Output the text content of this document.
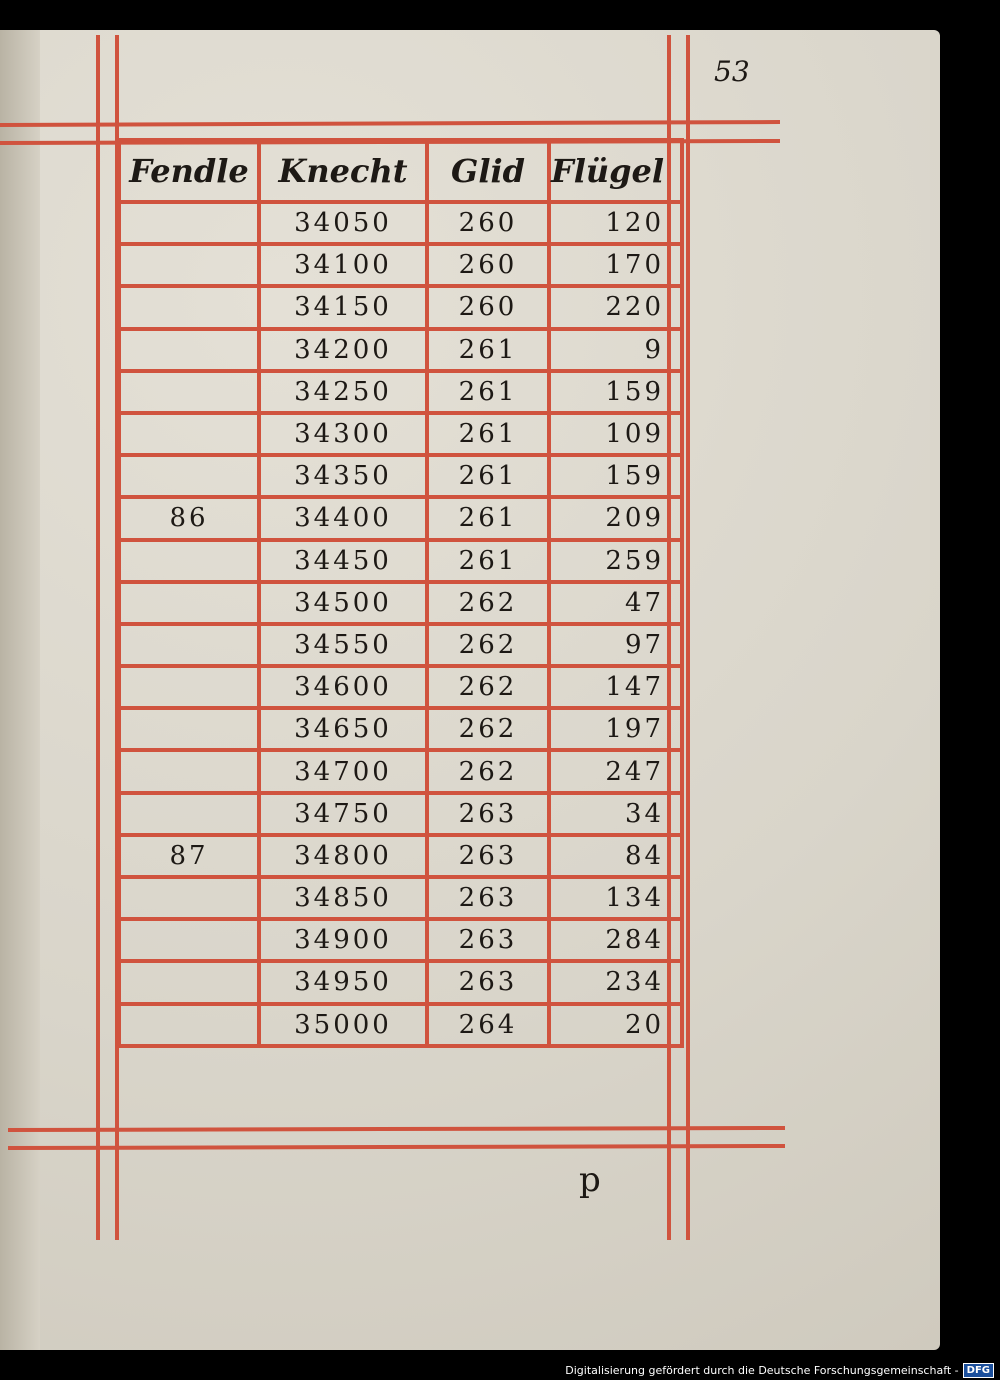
53
Fendle	Knecht	Glid	Flügel
	34050	260	120
	34100	260	170
	34150	260	220
	34200	261	9
	34250	261	159
	34300	261	109
	34350	261	159
86	34400	261	209
	34450	261	259
	34500	262	47
	34550	262	97
	34600	262	147
	34650	262	197
	34700	262	247
	34750	263	34
87	34800	263	84
	34850	263	134
	34900	263	284
	34950	263	234
	35000	264	20
p
Digitalisierung gefördert durch die Deutsche Forschungsgemeinschaft - DFG
